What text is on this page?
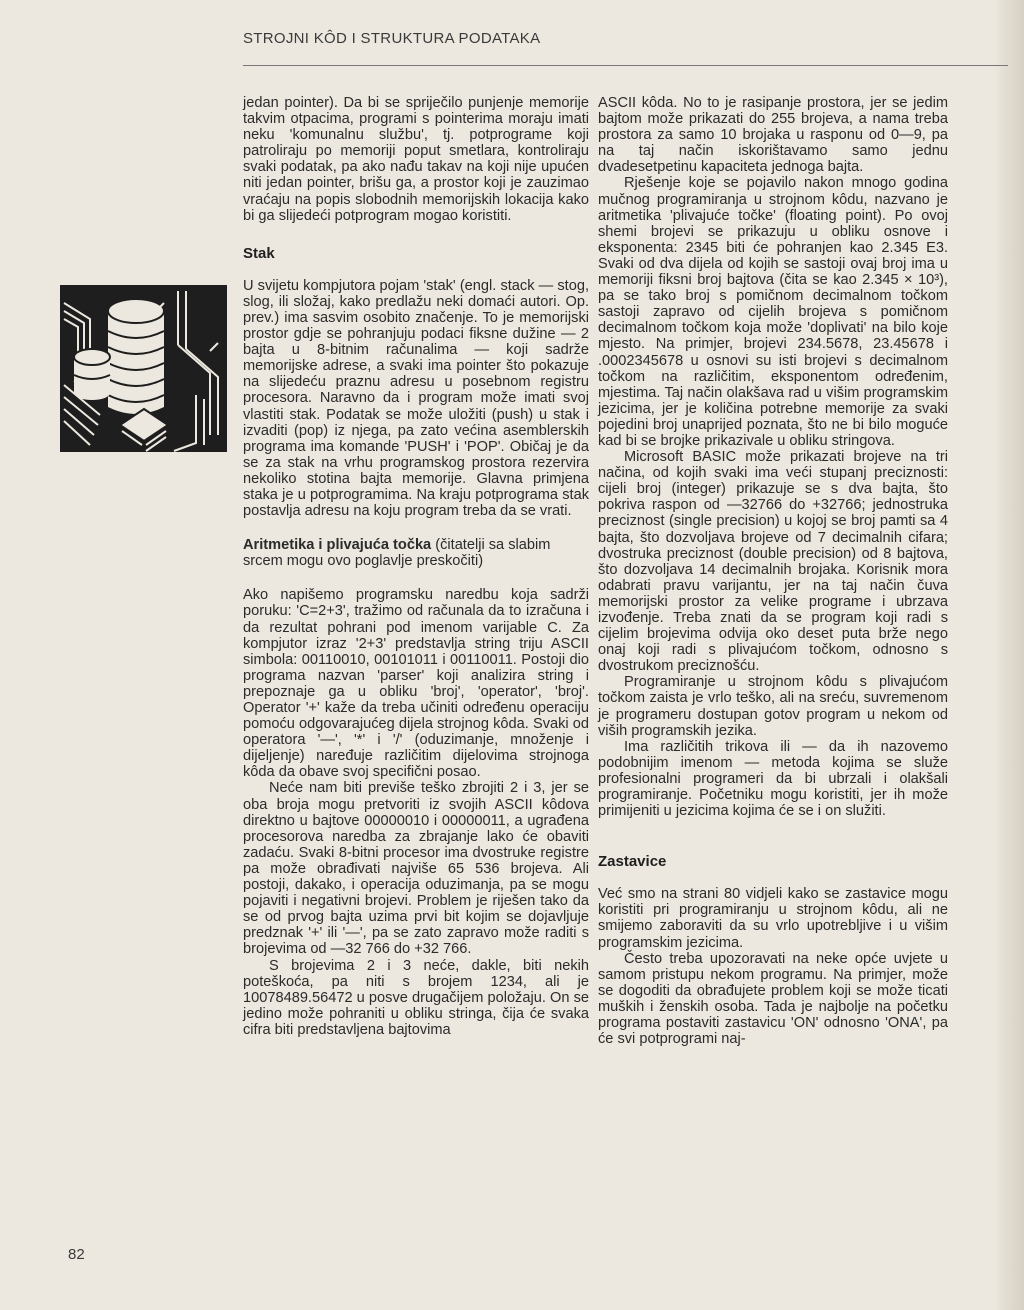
STROJNI KÔD I STRUKTURA PODATAKA

jedan pointer). Da bi se spriječilo punjenje memorije takvim otpacima, programi s pointerima moraju imati neku 'komunalnu službu', tj. potprograme koji patroliraju po memoriji poput smetlara, kontroliraju svaki podatak, pa ako nađu takav na koji nije upućen niti jedan pointer, brišu ga, a prostor koji je zauzimao vraćaju na popis slobodnih memorijskih lokacija kako bi ga slijedeći potprogram mogao koristiti.

Stak

U svijetu kompjutora pojam 'stak' (engl. stack — stog, slog, ili složaj, kako predlažu neki domaći autori. Op. prev.) ima sasvim osobito značenje. To je memorijski prostor gdje se pohranjuju podaci fiksne dužine — 2 bajta u 8-bitnim računalima — koji sadrže memorijske adrese, a svaki ima pointer što pokazuje na slijedeću praznu adresu u posebnom registru procesora. Naravno da i program može imati svoj vlastiti stak. Podatak se može uložiti (push) u stak i izvaditi (pop) iz njega, pa zato većina asemblerskih programa ima komande 'PUSH' i 'POP'. Običaj je da se za stak na vrhu programskog prostora rezervira nekoliko stotina bajta memorije. Glavna primjena staka je u potprogramima. Na kraju potprograma stak postavlja adresu na koju program treba da se vrati.

Aritmetika i plivajuća točka (čitatelji sa slabim srcem mogu ovo poglavlje preskočiti)

Ako napišemo programsku naredbu koja sadrži poruku: 'C=2+3', tražimo od računala da to izračuna i da rezultat pohrani pod imenom varijable C. Za kompjutor izraz '2+3' predstavlja string triju ASCII simbola: 00110010, 00101011 i 00110011. Postoji dio programa nazvan 'parser' koji analizira string i prepoznaje ga u obliku 'broj', 'operator', 'broj'. Operator '+' kaže da treba učiniti određenu operaciju pomoću odgovarajućeg dijela strojnog kôda. Svaki od operatora '—', '*' i '/' (oduzimanje, množenje i dijeljenje) naređuje različitim dijelovima strojnoga kôda da obave svoj specifični posao.

Neće nam biti previše teško zbrojiti 2 i 3, jer se oba broja mogu pretvoriti iz svojih ASCII kôdova direktno u bajtove 00000010 i 00000011, a ugrađena procesorova naredba za zbrajanje lako će obaviti zadaću. Svaki 8-bitni procesor ima dvostruke registre pa može obrađivati najviše 65 536 brojeva. Ali postoji, dakako, i operacija oduzimanja, pa se mogu pojaviti i negativni brojevi. Problem je riješen tako da se od prvog bajta uzima prvi bit kojim se dojavljuje predznak '+' ili '—', pa se zato zapravo može raditi s brojevima od —32 766 do +32 766.

S brojevima 2 i 3 neće, dakle, biti nekih poteškoća, pa niti s brojem 1234, ali je 10078489.56472 u posve drugačijem položaju. On se jedino može pohraniti u obliku stringa, čija će svaka cifra biti predstavljena bajtovima

ASCII kôda. No to je rasipanje prostora, jer se jedim bajtom može prikazati do 255 brojeva, a nama treba prostora za samo 10 brojaka u rasponu od 0—9, pa na taj način iskorištavamo samo jednu dvadesetpetinu kapaciteta jednoga bajta.

Rješenje koje se pojavilo nakon mnogo godina mučnog programiranja u strojnom kôdu, nazvano je aritmetika 'plivajuće točke' (floating point). Po ovoj shemi brojevi se prikazuju u obliku osnove i eksponenta: 2345 biti će pohranjen kao 2.345 E3. Svaki od dva dijela od kojih se sastoji ovaj broj ima u memoriji fiksni broj bajtova (čita se kao 2.345 × 10³), pa se tako broj s pomičnom decimalnom točkom sastoji zapravo od cijelih brojeva s pomičnom decimalnom točkom koja može 'doplivati' na bilo koje mjesto. Na primjer, brojevi 234.5678, 23.45678 i .0002345678 u osnovi su isti brojevi s decimalnom točkom na različitim, eksponentom određenim, mjestima. Taj način olakšava rad u višim programskim jezicima, jer je količina potrebne memorije za svaki pojedini broj unaprijed poznata, što ne bi bilo moguće kad bi se brojke prikazivale u obliku stringova.

Microsoft BASIC može prikazati brojeve na tri načina, od kojih svaki ima veći stupanj preciznosti: cijeli broj (integer) prikazuje se s dva bajta, što pokriva raspon od —32766 do +32766; jednostruka preciznost (single precision) u kojoj se broj pamti sa 4 bajta, što dozvoljava brojeve od 7 decimalnih cifara; dvostruka preciznost (double precision) od 8 bajtova, što dozvoljava 14 decimalnih brojaka. Korisnik mora odabrati pravu varijantu, jer na taj način čuva memorijski prostor za velike programe i ubrzava izvođenje. Treba znati da se program koji radi s cijelim brojevima odvija oko deset puta brže nego onaj koji radi s plivajućom točkom, odnosno s dvostrukom preciznošću.

Programiranje u strojnom kôdu s plivajućom točkom zaista je vrlo teško, ali na sreću, suvremenom je programeru dostupan gotov program u nekom od viših programskih jezika.

Ima različitih trikova ili — da ih nazovemo podobnijim imenom — metoda kojima se služe profesionalni programeri da bi ubrzali i olakšali programiranje. Početniku mogu koristiti, jer ih može primijeniti u jezicima kojima će se i on služiti.

Zastavice

Već smo na strani 80 vidjeli kako se zastavice mogu koristiti pri programiranju u strojnom kôdu, ali ne smijemo zaboraviti da su vrlo upotrebljive i u višim programskim jezicima.

Često treba upozoravati na neke opće uvjete u samom pristupu nekom programu. Na primjer, može se dogoditi da obrađujete problem koji se može ticati muških i ženskih osoba. Tada je najbolje na početku programa postaviti zastavicu 'ON' odnosno 'ONA', pa će svi potprogrami naj-

82
